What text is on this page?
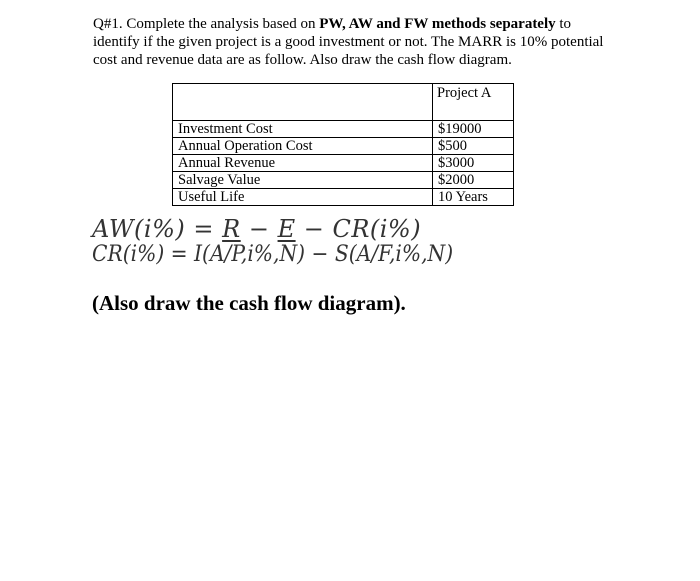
Q#1. Complete the analysis based on PW, AW and FW methods separately to identify if the given project is a good investment or not. The MARR is 10% potential cost and revenue data are as follow. Also draw the cash flow diagram.
	Project A
Investment Cost	$19000
Annual Operation Cost	$500
Annual Revenue	$3000
Salvage Value	$2000
Useful Life	10 Years
AW(i%) = R − E − CR(i%)
CR(i%) = I(A/P,i%,N) − S(A/F,i%,N)
(Also draw the cash flow diagram).
